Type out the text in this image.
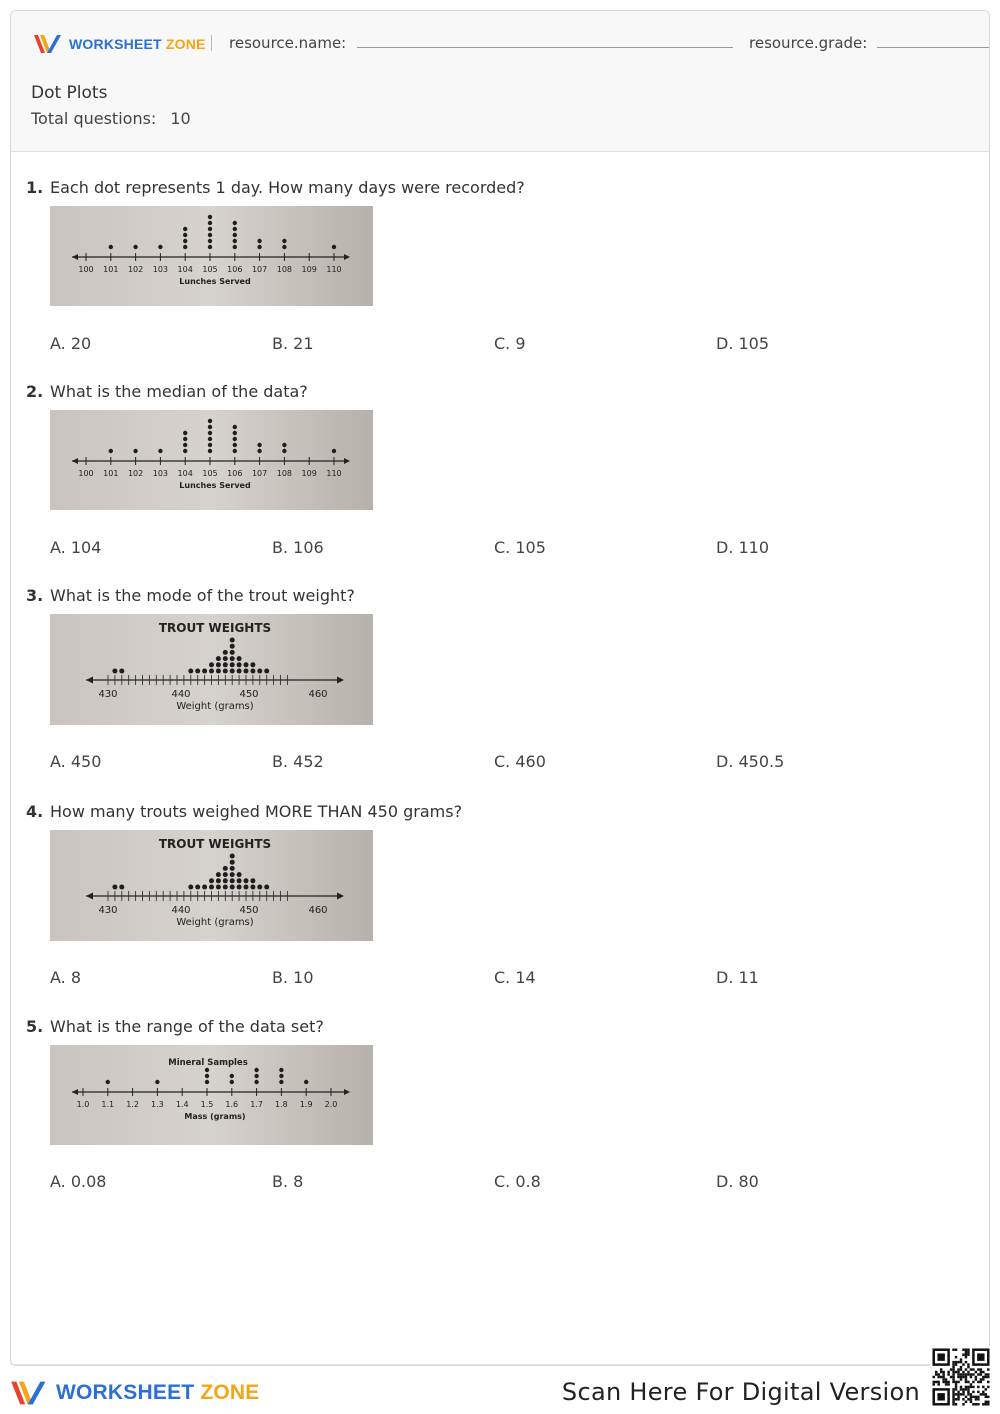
WORKSHEET ZONE resource.name:	resource.grade:
Dot Plots
Total questions: 10
1. Each dot represents 1 day. How many days were recorded?
100 101 102 103 104 105 106 107 108 109 110
Lunches Served
A. 20	B. 21	C. 9	D. 105
2. What is the median of the data?
100 101 102 103 104 105 106 107 108 109 110
Lunches Served
A. 104	B. 106	C. 105	D. 110
3. What is the mode of the trout weight?
430	440	450	460
Weight (grams)
TROUT WEIGHTS
A. 450	B. 452	C. 460	D. 450.5
4. How many trouts weighed MORE THAN 450 grams?
430	440	450	460
Weight (grams)
TROUT WEIGHTS
A. 8	B. 10	C. 14	D. 11
5. What is the range of the data set?
1.0 1.1 1.2 1.3 1.4 1.5 1.6 1.7 1.8 1.9 2.0
Mass (grams)
Mineral Samples
A. 0.08	B. 8	C. 0.8	D. 80
WORKSHEET ZONE	Scan Here For Digital Version
